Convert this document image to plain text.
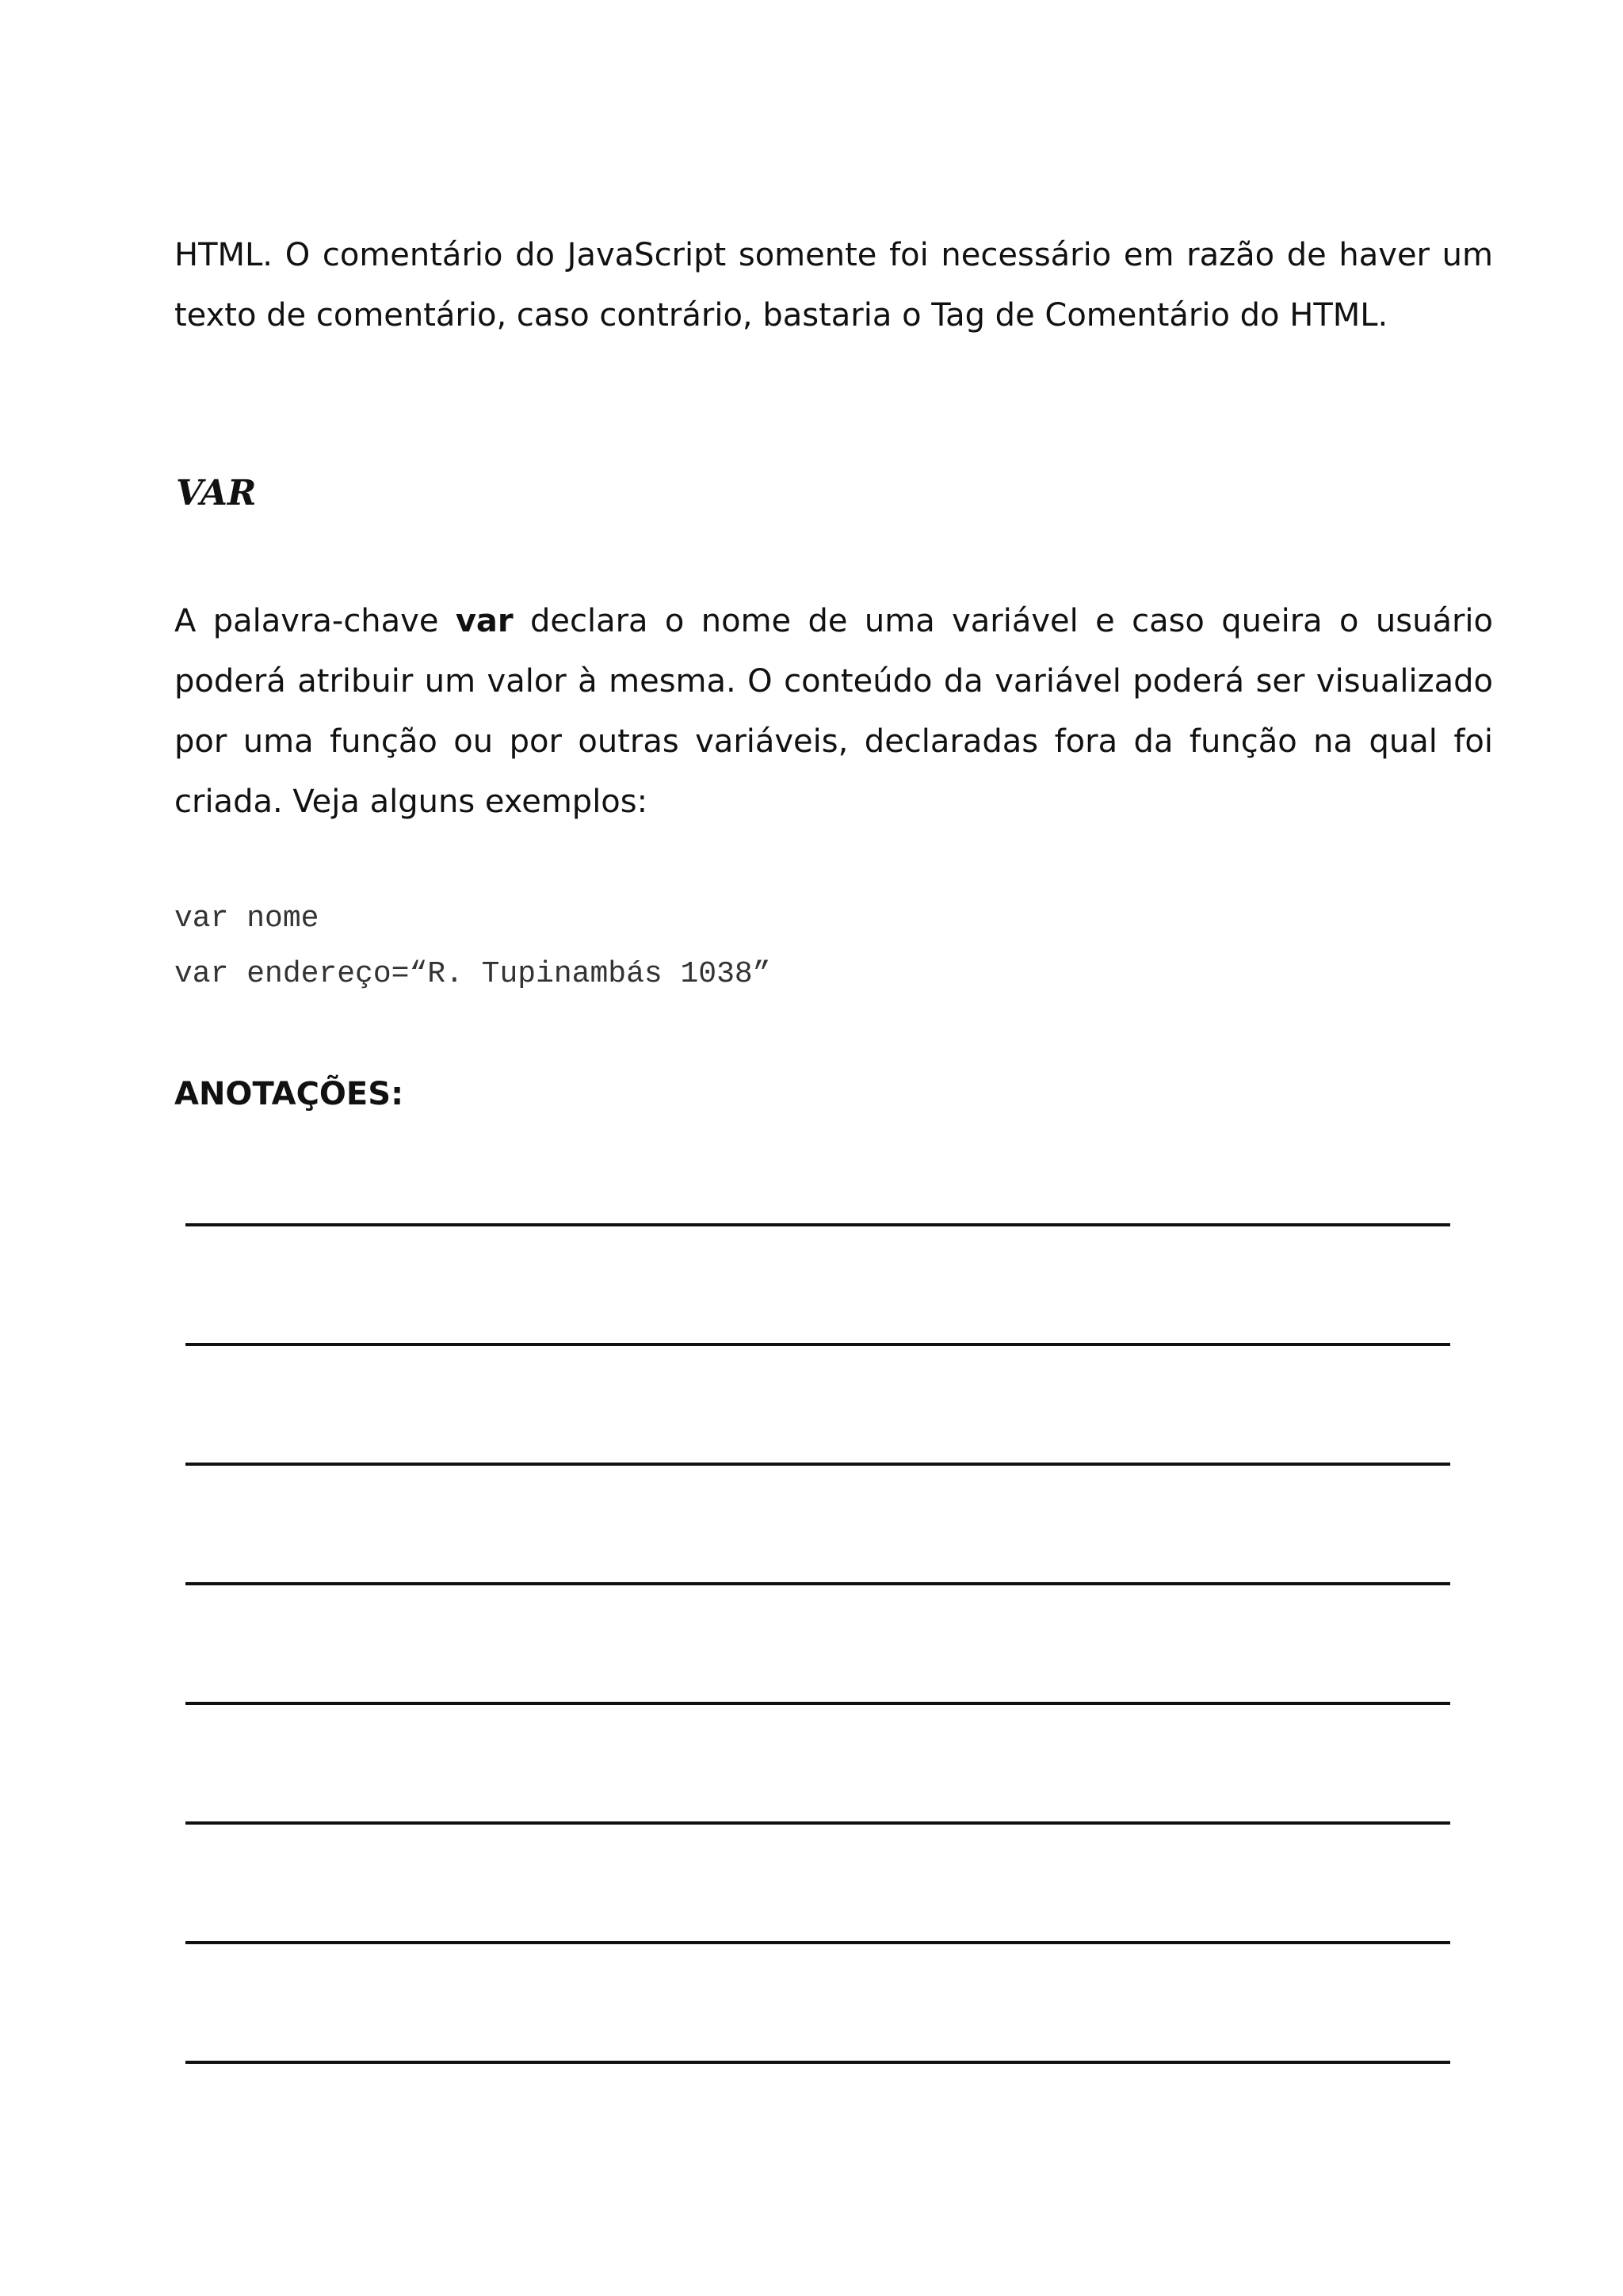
HTML. O comentário do JavaScript somente foi necessário em razão de haver um texto de comentário, caso contrário, bastaria o Tag de Comentário do HTML.

VAR

A palavra-chave var declara o nome de uma variável e caso queira o usuário poderá atribuir um valor à mesma. O conteúdo da variável poderá ser visualizado por uma função ou por outras variáveis, declaradas fora da função na qual foi criada. Veja alguns exemplos:

var nome
var endereço=“R. Tupinambás 1038”
ANOTAÇÕES:
